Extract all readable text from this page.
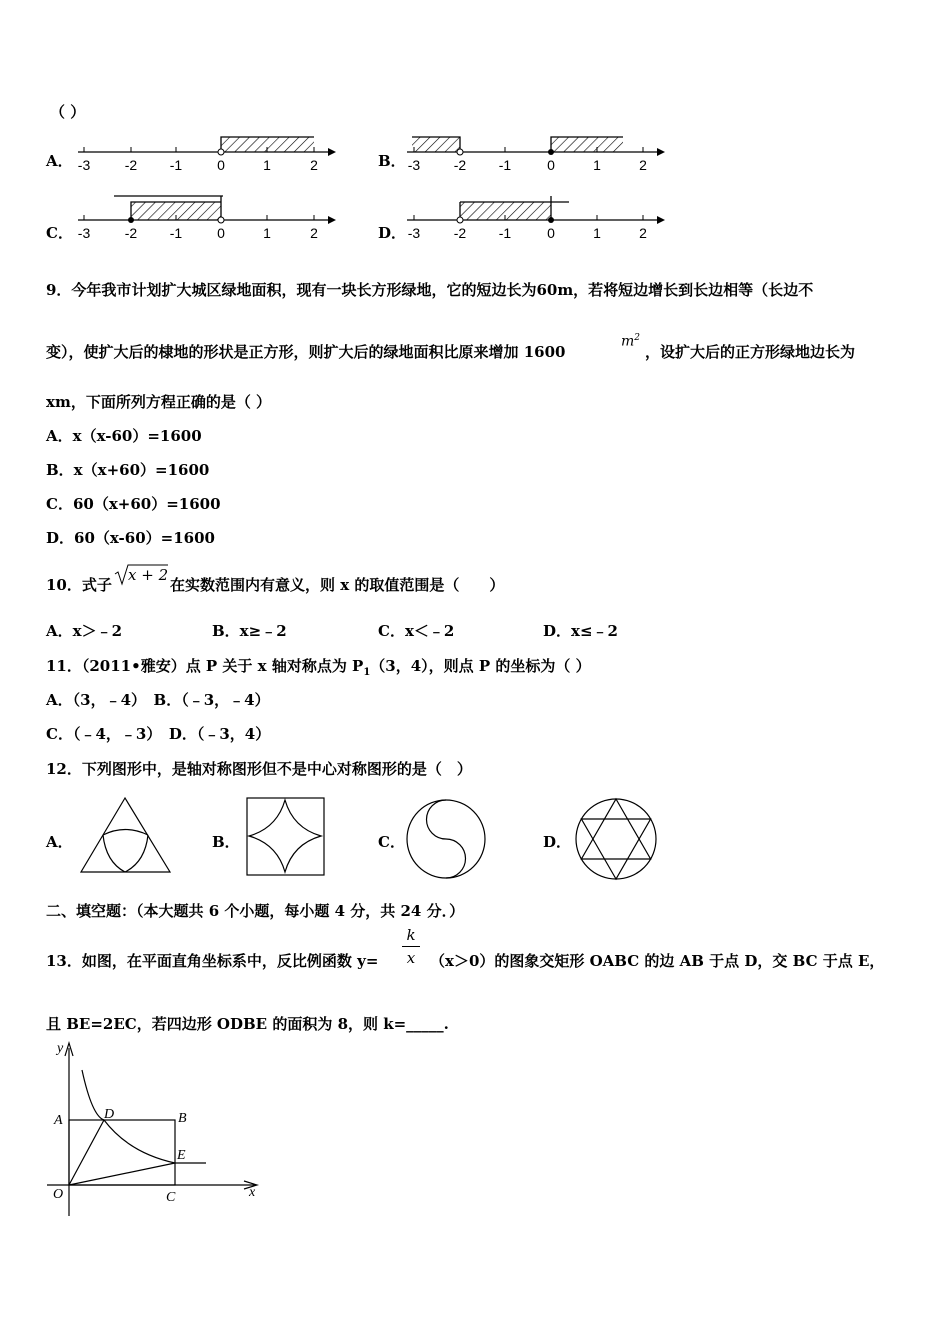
（ ）
A． -3 -2 -1 0	1	2	B． -3 -2 -1	0	1	2
C． -3 -2 -1 0	1	2	D． -3 -2 -1	0	1	2
9．今年我市计划扩大城区绿地面积，现有一块长方形绿地，它的短边长为60m，若将短边增长到长边相等（长边不
变），使扩大后的棣地的形状是正方形，则扩大后的绿地面积比原来增加 1600
$m^2$
，设扩大后的正方形绿地边长为
xm，下面所列方程正确的是（ ）
A．x（x-60）=1600
B．x（x+60）=1600
C．60（x+60）=1600
D．60（x-60）=1600
10．式子
x + 2
在实数范围内有意义，则 x 的取值范围是（　　）
A．x＞﹣2	B．x≥﹣2	C．x＜﹣2	D．x≤﹣2
11．（2011•雅安）点 P 关于 x 轴对称点为 $P_1(3$，4），则点 P 的坐标为（ ）
A．（3，﹣4）　B．（﹣3，﹣4）
C．（﹣4，﹣3）　D．（﹣3，4）
12．下列图形中，是轴对称图形但不是中心对称图形的是（　）
A．	B．	C．	D．
二、填空题：（本大题共 6 个小题，每小题 4 分，共 24 分．）
13．如图，在平面直角坐标系中，反比例函数 y=
k
x （x＞0）的图象交矩形 OABC 的边 AB 于点 D，交 BC 于点 E，
且 BE=2EC，若四边形 ODBE 的面积为 8，则 k=_____.
y
x
O
A	B
C
D
E
